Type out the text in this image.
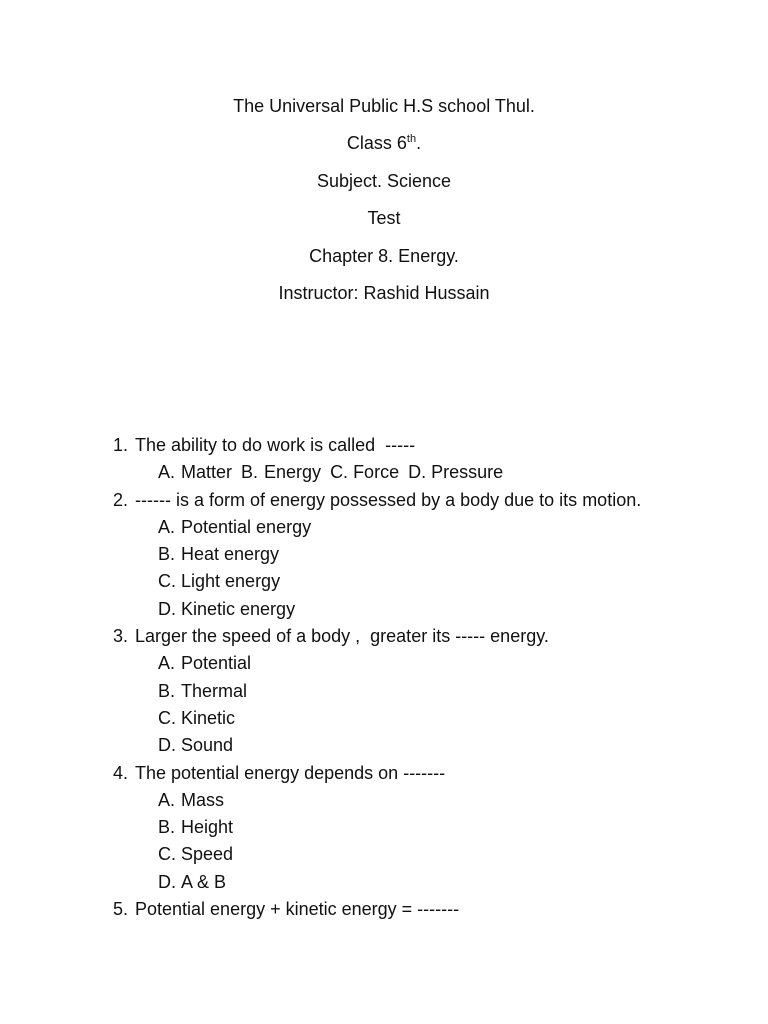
The Universal Public H.S school Thul.
Class 6th.
Subject. Science
Test
Chapter 8. Energy.
Instructor: Rashid Hussain
1. The ability to do work is called  -----
A. Matter B. Energy C. Force D. Pressure
2. ------ is a form of energy possessed by a body due to its motion.
A. Potential energy
B. Heat energy
C. Light energy
D. Kinetic energy
3. Larger the speed of a body ,  greater its ----- energy.
A. Potential
B. Thermal
C. Kinetic
D. Sound
4. The potential energy depends on -------
A. Mass
B. Height
C. Speed
D. A & B
5. Potential energy + kinetic energy = -------
